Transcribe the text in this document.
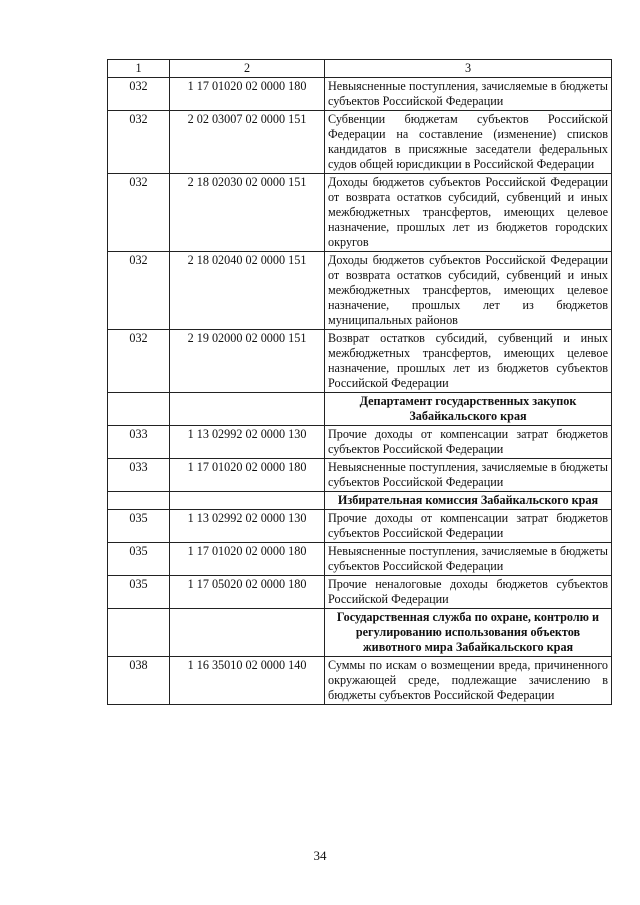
1	2	3
032	1 17 01020 02 0000 180	Невыясненные поступления, зачисляемые в бюджеты субъектов Российской Федерации
032	2 02 03007 02 0000 151	Субвенции бюджетам субъектов Российской Федерации на составление (изменение) списков кандидатов в присяжные заседатели федеральных судов общей юрисдикции в Российской Федерации
032	2 18 02030 02 0000 151	Доходы бюджетов субъектов Российской Федерации от возврата остатков субсидий, субвенций и иных межбюджетных трансфертов, имеющих целевое назначение, прошлых лет из бюджетов городских округов
032	2 18 02040 02 0000 151	Доходы бюджетов субъектов Российской Федерации от возврата остатков субсидий, субвенций и иных межбюджетных трансфертов, имеющих целевое назначение, прошлых лет из бюджетов муниципальных районов
032	2 19 02000 02 0000 151	Возврат остатков субсидий, субвенций и иных межбюджетных трансфертов, имеющих целевое назначение, прошлых лет из бюджетов субъектов Российской Федерации
		Департамент государственных закупок Забайкальского края
033	1 13 02992 02 0000 130	Прочие доходы от компенсации затрат бюджетов субъектов Российской Федерации
033	1 17 01020 02 0000 180	Невыясненные поступления, зачисляемые в бюджеты субъектов Российской Федерации
		Избирательная комиссия Забайкальского края
035	1 13 02992 02 0000 130	Прочие доходы от компенсации затрат бюджетов субъектов Российской Федерации
035	1 17 01020 02 0000 180	Невыясненные поступления, зачисляемые в бюджеты субъектов Российской Федерации
035	1 17 05020 02 0000 180	Прочие неналоговые доходы бюджетов субъектов Российской Федерации
		Государственная служба по охране, контролю и регулированию использования объектов животного мира Забайкальского края
038	1 16 35010 02 0000 140	Суммы по искам о возмещении вреда, причиненного окружающей среде, подлежащие зачислению в бюджеты субъектов Российской Федерации
34
